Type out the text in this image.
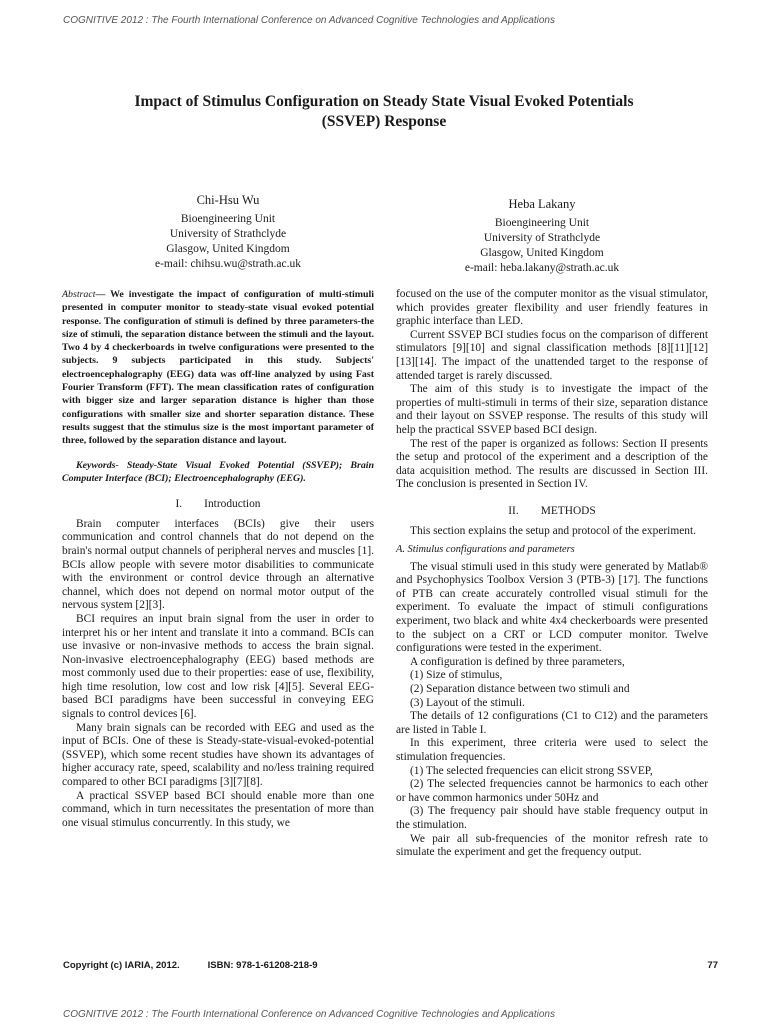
COGNITIVE 2012 : The Fourth International Conference on Advanced Cognitive Technologies and Applications
Impact of Stimulus Configuration on Steady State Visual Evoked Potentials
(SSVEP) Response
Chi-Hsu Wu
Bioengineering Unit
University of Strathclyde
Glasgow, United Kingdom
e-mail: chihsu.wu@strath.ac.uk
Heba Lakany
Bioengineering Unit
University of Strathclyde
Glasgow, United Kingdom
e-mail: heba.lakany@strath.ac.uk

Abstract— We investigate the impact of configuration of multi-stimuli presented in computer monitor to steady-state visual evoked potential response. The configuration of stimuli is defined by three parameters-the size of stimuli, the separation distance between the stimuli and the layout. Two 4 by 4 checkerboards in twelve configurations were presented to the subjects. 9 subjects participated in this study. Subjects' electroencephalography (EEG) data was off-line analyzed by using Fast Fourier Transform (FFT). The mean classification rates of configuration with bigger size and larger separation distance is higher than those configurations with smaller size and shorter separation distance. These results suggest that the stimulus size is the most important parameter of three, followed by the separation distance and layout.

Keywords- Steady-State Visual Evoked Potential (SSVEP); Brain Computer Interface (BCI); Electroencephalography (EEG).

I. Introduction

Brain computer interfaces (BCIs) give their users communication and control channels that do not depend on the brain's normal output channels of peripheral nerves and muscles [1]. BCIs allow people with severe motor disabilities to communicate with the environment or control device through an alternative channel, which does not depend on normal motor output of the nervous system [2][3].

BCI requires an input brain signal from the user in order to interpret his or her intent and translate it into a command. BCIs can use invasive or non-invasive methods to access the brain signal. Non-invasive electroencephalography (EEG) based methods are most commonly used due to their properties: ease of use, flexibility, high time resolution, low cost and low risk [4][5]. Several EEG-based BCI paradigms have been successful in conveying EEG signals to control devices [6].

Many brain signals can be recorded with EEG and used as the input of BCIs. One of these is Steady-state-visual-evoked-potential (SSVEP), which some recent studies have shown its advantages of higher accuracy rate, speed, scalability and no/less training required compared to other BCI paradigms [3][7][8].

A practical SSVEP based BCI should enable more than one command, which in turn necessitates the presentation of more than one visual stimulus concurrently. In this study, we

focused on the use of the computer monitor as the visual stimulator, which provides greater flexibility and user friendly features in graphic interface than LED.

Current SSVEP BCI studies focus on the comparison of different stimulators [9][10] and signal classification methods [8][11][12][13][14]. The impact of the unattended target to the response of attended target is rarely discussed.

The aim of this study is to investigate the impact of the properties of multi-stimuli in terms of their size, separation distance and their layout on SSVEP response. The results of this study will help the practical SSVEP based BCI design.

The rest of the paper is organized as follows: Section II presents the setup and protocol of the experiment and a description of the data acquisition method. The results are discussed in Section III. The conclusion is presented in Section IV.

II. METHODS

This section explains the setup and protocol of the experiment.

A. Stimulus configurations and parameters

The visual stimuli used in this study were generated by Matlab® and Psychophysics Toolbox Version 3 (PTB-3) [17]. The functions of PTB can create accurately controlled visual stimuli for the experiment. To evaluate the impact of stimuli configurations experiment, two black and white 4x4 checkerboards were presented to the subject on a CRT or LCD computer monitor. Twelve configurations were tested in the experiment.

A configuration is defined by three parameters,

(1) Size of stimulus,

(2) Separation distance between two stimuli and

(3) Layout of the stimuli.

The details of 12 configurations (C1 to C12) and the parameters are listed in Table I.

In this experiment, three criteria were used to select the stimulation frequencies.

(1) The selected frequencies can elicit strong SSVEP,

(2) The selected frequencies cannot be harmonics to each other or have common harmonics under 50Hz and

(3) The frequency pair should have stable frequency output in the stimulation.

We pair all sub-frequencies of the monitor refresh rate to simulate the experiment and get the frequency output.

Copyright (c) IARIA, 2012.	ISBN: 978-1-61208-218-9	77
COGNITIVE 2012 : The Fourth International Conference on Advanced Cognitive Technologies and Applications
